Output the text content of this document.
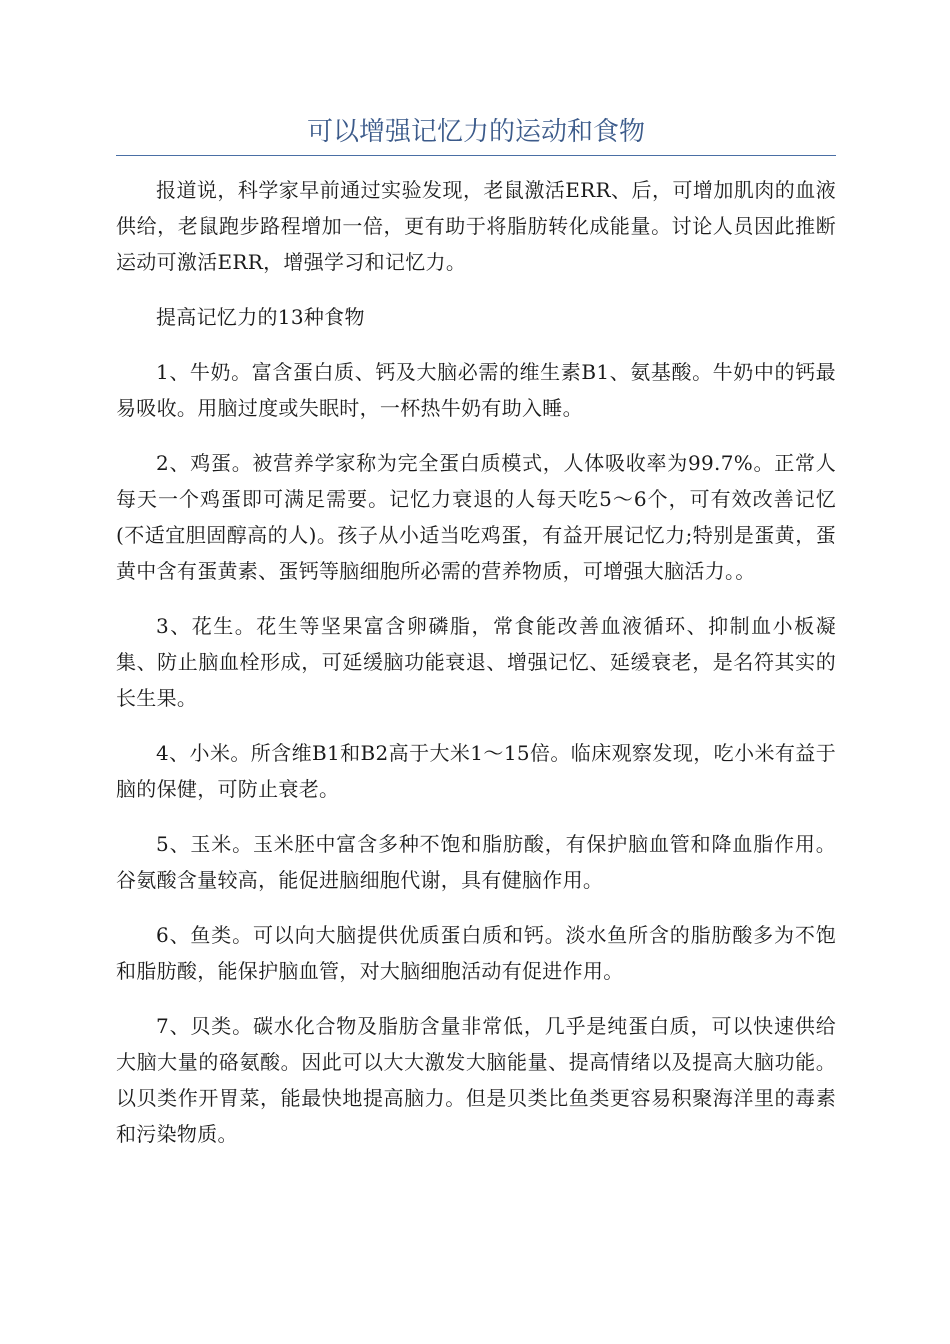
可以增强记忆力的运动和食物

报道说，科学家早前通过实验发现，老鼠激活ERR、后，可增加肌肉的血液供给，老鼠跑步路程增加一倍，更有助于将脂肪转化成能量。讨论人员因此推断运动可激活ERR，增强学习和记忆力。

提高记忆力的13种食物

1、牛奶。富含蛋白质、钙及大脑必需的维生素B1、氨基酸。牛奶中的钙最易吸收。用脑过度或失眠时，一杯热牛奶有助入睡。

2、鸡蛋。被营养学家称为完全蛋白质模式，人体吸收率为99.7%。正常人每天一个鸡蛋即可满足需要。记忆力衰退的人每天吃5～6个，可有效改善记忆(不适宜胆固醇高的人)。孩子从小适当吃鸡蛋，有益开展记忆力;特别是蛋黄，蛋黄中含有蛋黄素、蛋钙等脑细胞所必需的营养物质，可增强大脑活力。。

3、花生。花生等坚果富含卵磷脂，常食能改善血液循环、抑制血小板凝集、防止脑血栓形成，可延缓脑功能衰退、增强记忆、延缓衰老，是名符其实的长生果。

4、小米。所含维B1和B2高于大米1～15倍。临床观察发现，吃小米有益于脑的保健，可防止衰老。

5、玉米。玉米胚中富含多种不饱和脂肪酸，有保护脑血管和降血脂作用。谷氨酸含量较高，能促进脑细胞代谢，具有健脑作用。

6、鱼类。可以向大脑提供优质蛋白质和钙。淡水鱼所含的脂肪酸多为不饱和脂肪酸，能保护脑血管，对大脑细胞活动有促进作用。

7、贝类。碳水化合物及脂肪含量非常低，几乎是纯蛋白质，可以快速供给大脑大量的硌氨酸。因此可以大大激发大脑能量、提高情绪以及提高大脑功能。以贝类作开胃菜，能最快地提高脑力。但是贝类比鱼类更容易积聚海洋里的毒素和污染物质。
